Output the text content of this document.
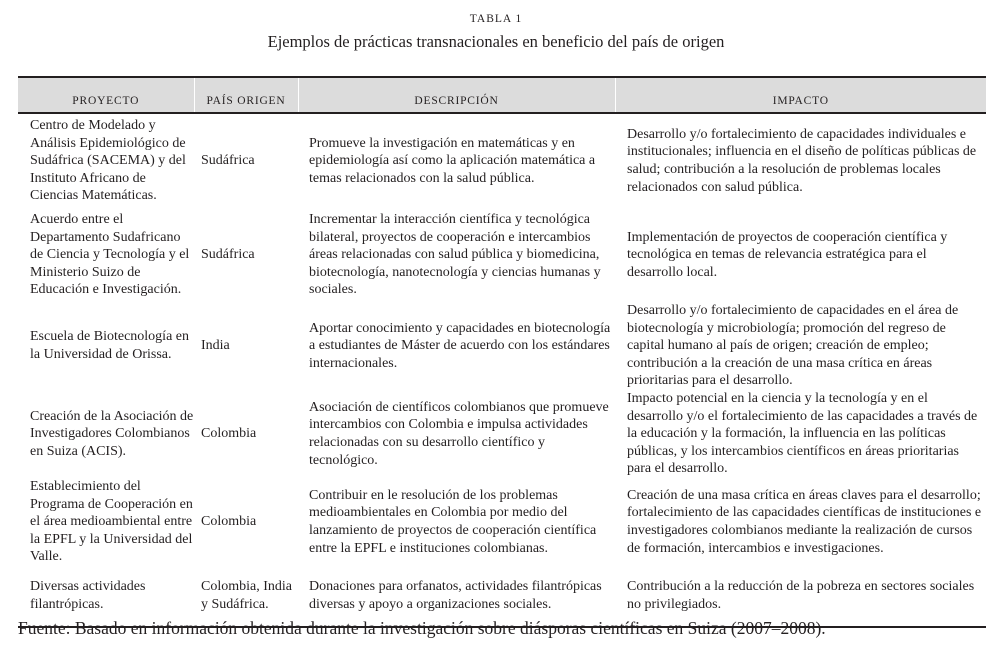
TABLA 1
Ejemplos de prácticas transnacionales en beneficio del país de origen
PROYECTO	PAÍS ORIGEN	DESCRIPCIÓN	IMPACTO
Centro de Modelado y Análisis Epidemiológico de Sudáfrica (SACEMA) y del Instituto Africano de Ciencias Matemáticas.	Sudáfrica	Promueve la investigación en matemáticas y en epidemiología así como la aplicación matemática a temas relacionados con la salud pública.	Desarrollo y/o fortalecimiento de capacidades individuales e institucionales; influencia en el diseño de políticas públicas de salud; contribución a la resolución de problemas locales relacionados con salud pública.
Acuerdo entre el Departamento Sudafricano de Ciencia y Tecnología y el Ministerio Suizo de Educación e Investigación.	Sudáfrica	Incrementar la interacción científica y tecnológica bilateral, proyectos de cooperación e intercambios áreas relacionadas con salud pública y biomedicina, biotecnología, nanotecnología y ciencias humanas y sociales.	Implementación de proyectos de cooperación científica y tecnológica en temas de relevancia estratégica para el desarrollo local.
Escuela de Biotecnología en la Universidad de Orissa.	India	Aportar conocimiento y capacidades en biotecnología a estudiantes de Máster de acuerdo con los estándares internacionales.	Desarrollo y/o fortalecimiento de capacidades en el área de biotecnología y microbiología; promoción del regreso de capital humano al país de origen; creación de empleo; contribución a la creación de una masa crítica en áreas prioritarias para el desarrollo.
Creación de la Asociación de Investigadores Colombianos en Suiza (ACIS).	Colombia	Asociación de científicos colombianos que promueve intercambios con Colombia e impulsa actividades relacionadas con su desarrollo científico y tecnológico.	Impacto potencial en la ciencia y la tecnología y en el desarrollo y/o el fortalecimiento de las capacidades a través de la educación y la formación, la influencia en las políticas públicas, y los intercambios científicos en áreas prioritarias para el desarrollo.
Establecimiento del Programa de Cooperación en el área medioambiental entre la EPFL y la Universidad del Valle.	Colombia	Contribuir en le resolución de los problemas medioambientales en Colombia por medio del lanzamiento de proyectos de cooperación científica entre la EPFL e instituciones colombianas.	Creación de una masa crítica en áreas claves para el desarrollo; fortalecimiento de las capacidades científicas de instituciones e investigadores colombianos mediante la realización de cursos de formación, intercambios e investigaciones.
Diversas actividades filantrópicas.	Colombia, India y Sudáfrica.	Donaciones para orfanatos, actividades filantrópicas diversas y apoyo a organizaciones sociales.	Contribución a la reducción de la pobreza en sectores sociales no privilegiados.
Fuente: Basado en información obtenida durante la investigación sobre diásporas científicas en Suiza (2007–2008).
